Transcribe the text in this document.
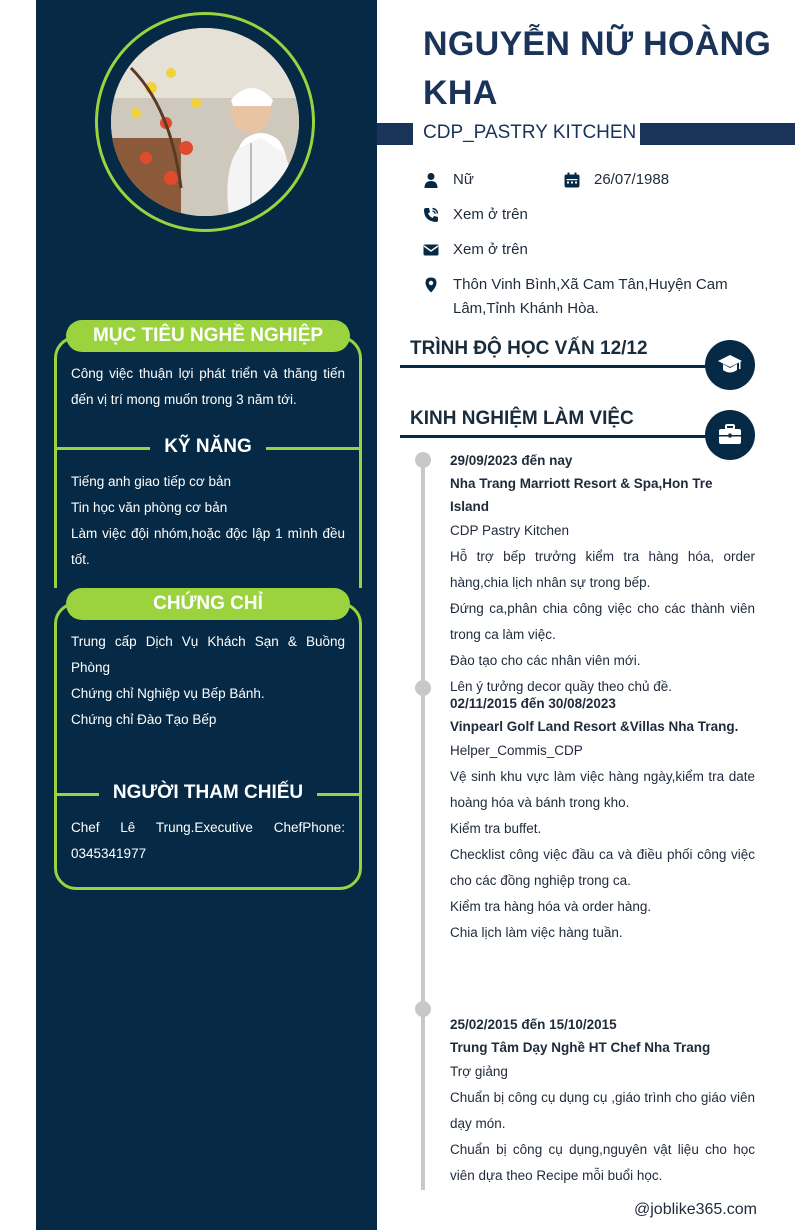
MỤC TIÊU NGHỀ NGHIỆP
Công việc thuận lợi phát triển và thăng tiến đến vị trí mong muốn trong 3 năm tới.
KỸ NĂNG
Tiếng anh giao tiếp cơ bản
Tin học văn phòng cơ bản
Làm việc đội nhóm,hoặc độc lập 1 mình đều tốt.
CHỨNG CHỈ
Trung cấp Dịch Vụ Khách Sạn & Buồng Phòng
Chứng chỉ Nghiệp vụ Bếp Bánh.
Chứng chỉ Đào Tạo Bếp
NGƯỜI THAM CHIẾU
Chef Lê Trung.Executive ChefPhone: 0345341977
NGUYỄN NỮ HOÀNG KHA
CDP_PASTRY KITCHEN
Nữ	26/07/1988
Xem ở trên
Xem ở trên
Thôn Vinh Bình,Xã Cam Tân,Huyện Cam Lâm,Tỉnh Khánh Hòa.
TRÌNH ĐỘ HỌC VẤN 12/12
KINH NGHIỆM LÀM VIỆC
29/09/2023 đến nay
Nha Trang Marriott Resort & Spa,Hon Tre Island
CDP Pastry Kitchen
Hỗ trợ bếp trưởng kiểm tra hàng hóa, order hàng,chia lịch nhân sự trong bếp.
Đứng ca,phân chia công việc cho các thành viên trong ca làm việc.
Đào tạo cho các nhân viên mới.
Lên ý tưởng decor quầy theo chủ đề.
02/11/2015 đến 30/08/2023
Vinpearl Golf Land Resort &Villas Nha Trang.
Helper_Commis_CDP
Vệ sinh khu vực làm việc hàng ngày,kiểm tra date hoàng hóa và bánh trong kho.
Kiểm tra buffet.
Checklist công việc đầu ca và điều phối công việc cho các đồng nghiệp trong ca.
Kiểm tra hàng hóa và order hàng.
Chia lịch làm việc hàng tuần.
25/02/2015 đến 15/10/2015
Trung Tâm Dạy Nghề HT Chef Nha Trang
Trợ giảng
Chuẩn bị công cụ dụng cụ ,giáo trình cho giáo viên dạy món.
Chuẩn bị công cụ dụng,nguyên vật liệu cho học viên dựa theo Recipe mỗi buổi học.
@joblike365.com
